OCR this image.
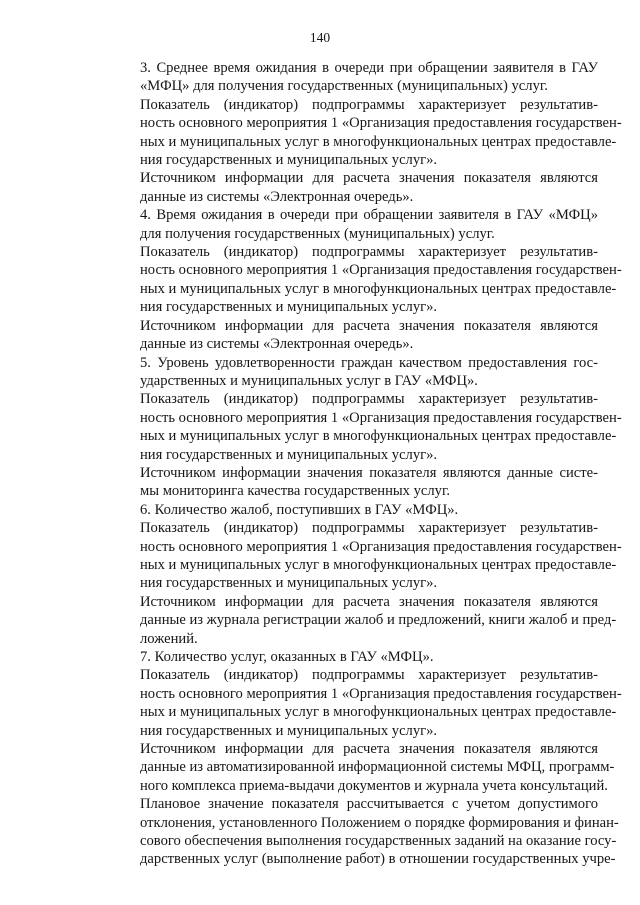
140
3. Среднее время ожидания в очереди при обращении заявителя в ГАУ
«МФЦ» для получения государственных (муниципальных) услуг.
Показатель (индикатор) подпрограммы характеризует результатив-
ность основного мероприятия 1 «Организация предоставления государствен-
ных и муниципальных услуг в многофункциональных центрах предоставле-
ния государственных и муниципальных услуг».
Источником информации для расчета значения показателя являются
данные из системы «Электронная очередь».
4. Время ожидания в очереди при обращении заявителя в ГАУ «МФЦ»
для получения государственных (муниципальных) услуг.
Показатель (индикатор) подпрограммы характеризует результатив-
ность основного мероприятия 1 «Организация предоставления государствен-
ных и муниципальных услуг в многофункциональных центрах предоставле-
ния государственных и муниципальных услуг».
Источником информации для расчета значения показателя являются
данные из системы «Электронная очередь».
5. Уровень удовлетворенности граждан качеством предоставления гос-
ударственных и муниципальных услуг в ГАУ «МФЦ».
Показатель (индикатор) подпрограммы характеризует результатив-
ность основного мероприятия 1 «Организация предоставления государствен-
ных и муниципальных услуг в многофункциональных центрах предоставле-
ния государственных и муниципальных услуг».
Источником информации значения показателя являются данные систе-
мы мониторинга качества государственных услуг.
6. Количество жалоб, поступивших в ГАУ «МФЦ».
Показатель (индикатор) подпрограммы характеризует результатив-
ность основного мероприятия 1 «Организация предоставления государствен-
ных и муниципальных услуг в многофункциональных центрах предоставле-
ния государственных и муниципальных услуг».
Источником информации для расчета значения показателя являются
данные из журнала регистрации жалоб и предложений, книги жалоб и пред-
ложений.
7. Количество услуг, оказанных в ГАУ «МФЦ».
Показатель (индикатор) подпрограммы характеризует результатив-
ность основного мероприятия 1 «Организация предоставления государствен-
ных и муниципальных услуг в многофункциональных центрах предоставле-
ния государственных и муниципальных услуг».
Источником информации для расчета значения показателя являются
данные из автоматизированной информационной системы МФЦ, программ-
ного комплекса приема-выдачи документов и журнала учета консультаций.
Плановое значение показателя рассчитывается с учетом допустимого
отклонения, установленного Положением о порядке формирования и финан-
сового обеспечения выполнения государственных заданий на оказание госу-
дарственных услуг (выполнение работ) в отношении государственных учре-
